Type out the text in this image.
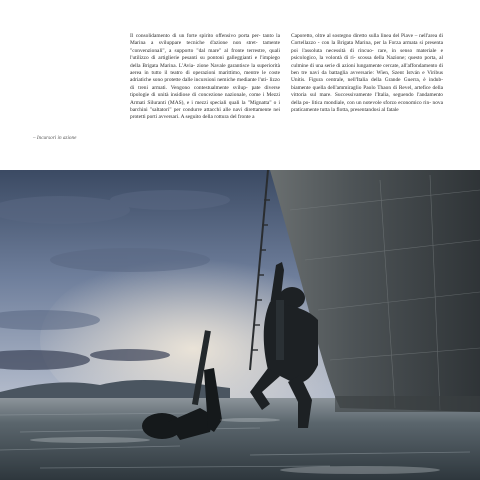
– Incursori in azione

Il consolidamento di un forte spirito offensivo porta per- tanto la Marina a sviluppare tecniche d'azione non stret- tamente "convenzionali", a supporto "dal mare" al fronte terrestre, quali l'utilizzo di artiglierie pesanti su pontoni galleggianti e l'impiego della Brigata Marina. L'Avia- zione Navale garantisce la superiorità aerea in tutto il teatro di operazioni marittimo, mentre le coste adriatiche sono protette dalle incursioni nemiche mediante l'uti- lizzo di treni armati. Vengono contestualmente svilup- pate diverse tipologie di unità insidiose di concezione nazionale, come i Mezzi Armati Siluranti (MAS), e i mezzi speciali quali la "Mignatta" o i barchini "saltatori" per condurre attacchi alle navi direttamente nei protetti porti avversari. A seguito della rottura del fronte a

Caporetto, oltre al sostegno diretto sulla linea del Piave – nell'area di Cortellazzo - con la Brigata Marina, per la Forza armata si presenta poi l'assoluta necessità di rincuo- rare, in senso materiale e psicologico, la volontà di ri- scossa della Nazione; questo porta, al culmine di una serie di azioni lungamente cercate, all'affondamento di ben tre navi da battaglia avversarie: Wien, Szent István e Viribus Unitis. Figura centrale, nell'Italia della Grande Guerra, è indub- biamente quella dell'ammiraglio Paolo Thaon di Revel, artefice della vittoria sul mare. Successivamente l'Italia, seguendo l'andamento della po- litica mondiale, con un notevole sforzo economico rin- nova praticamente tutta la flotta, presentandosi al fatale
